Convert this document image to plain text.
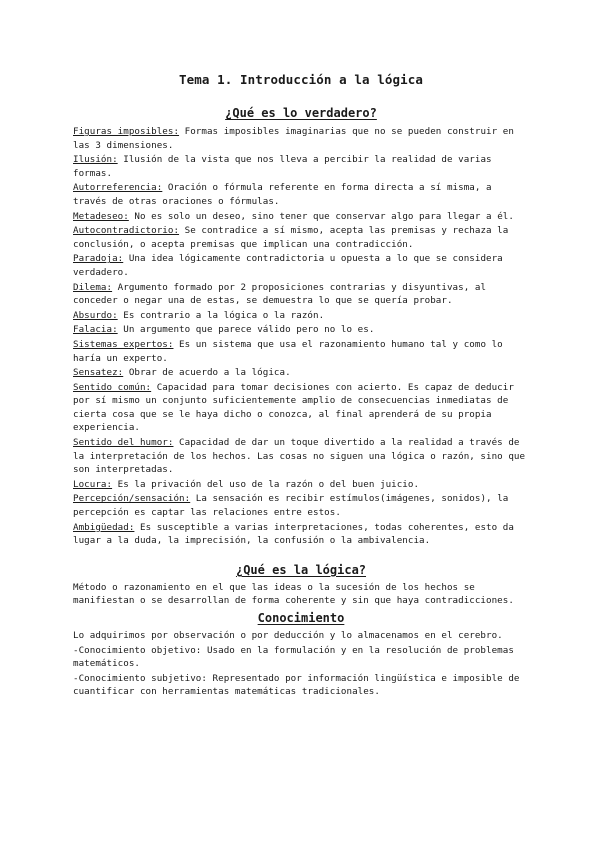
Tema 1. Introducción a la lógica
¿Qué es lo verdadero?

Figuras imposibles: Formas imposibles imaginarias que no se pueden construir en las 3 dimensiones.

Ilusión: Ilusión de la vista que nos lleva a percibir la realidad de varias formas.

Autorreferencia: Oración o fórmula referente en forma directa a sí misma, a través de otras oraciones o fórmulas.

Metadeseo: No es solo un deseo, sino tener que conservar algo para llegar a él.

Autocontradictorio: Se contradice a sí mismo, acepta las premisas y rechaza la conclusión, o acepta premisas que implican una contradicción.

Paradoja: Una idea lógicamente contradictoria u opuesta a lo que se considera verdadero.

Dilema: Argumento formado por 2 proposiciones contrarias y disyuntivas, al conceder o negar una de estas, se demuestra lo que se quería probar.

Absurdo: Es contrario a la lógica o la razón.

Falacia: Un argumento que parece válido pero no lo es.

Sistemas expertos: Es un sistema que usa el razonamiento humano tal y como lo haría un experto.

Sensatez: Obrar de acuerdo a la lógica.

Sentido común: Capacidad para tomar decisiones con acierto. Es capaz de deducir por sí mismo un conjunto suficientemente amplio de consecuencias inmediatas de cierta cosa que se le haya dicho o conozca, al final aprenderá de su propia experiencia.

Sentido del humor: Capacidad de dar un toque divertido a la realidad a través de la interpretación de los hechos. Las cosas no siguen una lógica o razón, sino que son interpretadas.

Locura: Es la privación del uso de la razón o del buen juicio.

Percepción/sensación: La sensación es recibir estímulos(imágenes, sonidos), la percepción es captar las relaciones entre estos.

Ambigüedad: Es susceptible a varias interpretaciones, todas coherentes, esto da lugar a la duda, la imprecisión, la confusión o la ambivalencia.

¿Qué es la lógica?

Método o razonamiento en el que las ideas o la sucesión de los hechos se manifiestan o se desarrollan de forma coherente y sin que haya contradicciones.

Conocimiento

Lo adquirimos por observación o por deducción y lo almacenamos en el cerebro.

-Conocimiento objetivo: Usado en la formulación y en la resolución de problemas matemáticos.

-Conocimiento subjetivo: Representado por información lingüística e imposible de cuantificar con herramientas matemáticas tradicionales.
